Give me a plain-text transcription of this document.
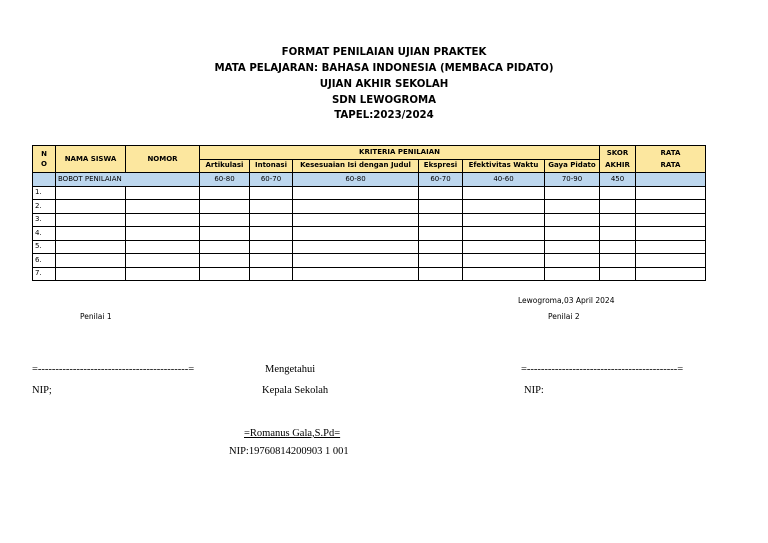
FORMAT PENILAIAN UJIAN PRAKTEK
MATA PELAJARAN: BAHASA INDONESIA (MEMBACA PIDATO)
UJIAN AKHIR SEKOLAH
SDN LEWOGROMA
TAPEL:2023/2024
N O	NAMA SISWA	NOMOR	KRITERIA PENILAIAN						SKOR AKHIR	RATA RATA
			Artikulasi	Intonasi	Kesesuaian Isi dengan Judul	Ekspresi	Efektivitas Waktu	Gaya Pidato		
	BOBOT PENILAIAN		60-80	60-70	60-80	60-70	40-60	70-90	450	
1.										
2.										
3.										
4.										
5.										
6.										
7.										
Lewogroma,03 April 2024
Penilai 1	Penilai 2
=-------------------------------------------=	Mengetahui	=-------------------------------------------=
NIP;	Kepala Sekolah	NIP:
=Romanus Gala,S.Pd=
NIP:19760814200903 1 001
